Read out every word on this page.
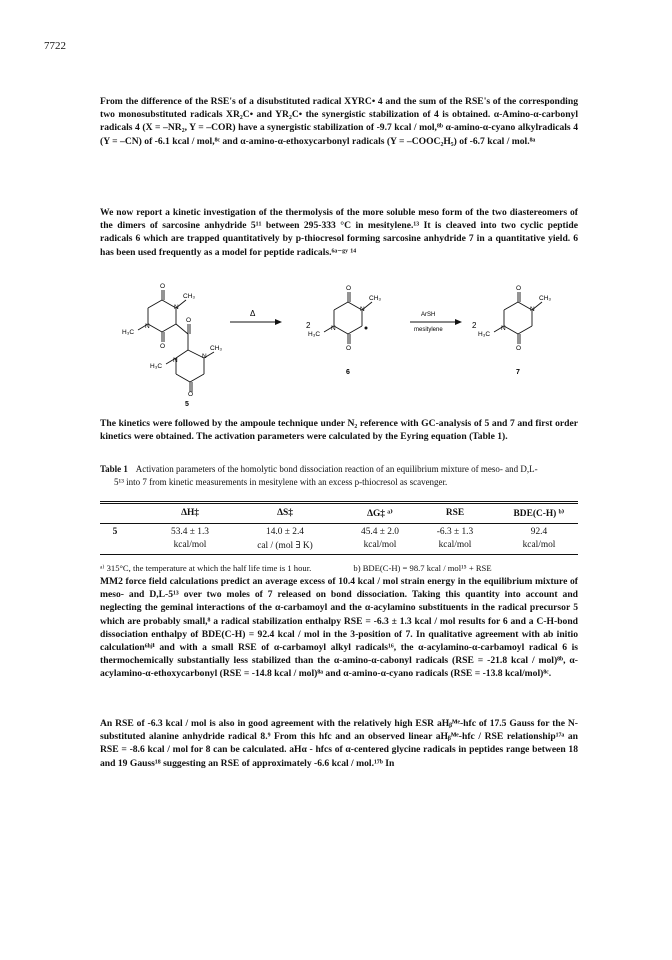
7722
From the difference of the RSE's of a disubstituted radical XYRC• 4 and the sum of the RSE's of the corresponding two monosubstituted radicals XR₂C• and YR₂C• the synergistic stabilization of 4 is obtained. α-Amino-α-carbonyl radicals 4 (X = –NR₂, Y = –COR) have a synergistic stabilization of -9.7 kcal / mol,⁸ᵇ α-amino-α-cyano alkylradicals 4 (Y = –CN) of -6.1 kcal / mol,⁸ᶜ and α-amino-α-ethoxycarbonyl radicals (Y = –COOC₂H₅) of -6.7 kcal / mol.⁸ᵃ
We now report a kinetic investigation of the thermolysis of the more soluble meso form of the two diastereomers of the dimers of sarcosine anhydride 5¹¹ between 295-333 °C in mesitylene.¹³ It is cleaved into two cyclic peptide radicals 6 which are trapped quantitatively by p-thiocresol forming sarcosine anhydride 7 in a quantitative yield. 6 has been used frequently as a model for peptide radicals.⁶ᵃ⁻ᵍʸ ¹⁴
O
N
CH₃
N
H₃C
O
O
N
CH₃
N
H₃C
O
O
N
CH₃
N
H₃C
O
O
N
CH₃
N
H₃C
O
Δ
2
ArSH
mesitylene	2
5
6	7
The kinetics were followed by the ampoule technique under N₂ reference with GC-analysis of 5 and 7 and first order kinetics were obtained. The activation parameters were calculated by the Eyring equation (Table 1).
Table 1 Activation parameters of the homolytic bond dissociation reaction of an equilibrium mixture of meso- and D,L-
5¹³ into 7 from kinetic measurements in mesitylene with an excess p-thiocresol as scavenger.
ΔH‡	ΔS‡	ΔG‡ ᵃ⁾	RSE	BDE(C-H) ᵇ⁾
5	53.4 ± 1.3	14.0 ± 2.4	45.4 ± 2.0	-6.3 ± 1.3	92.4
kcal/mol	cal / (mol ∃ K)	kcal/mol	kcal/mol	kcal/mol
ᵃ⁾ 315°C, the temperature at which the half life time is 1 hour.	b) BDE(C-H) = 98.7 kcal / mol¹⁵ + RSE
MM2 force field calculations predict an average excess of 10.4 kcal / mol strain energy in the equilibrium mixture of meso- and D,L-5¹³ over two moles of 7 released on bond dissociation. Taking this quantity into account and neglecting the geminal interactions of the α-carbamoyl and the α-acylamino substituents in the radical precursor 5 which are probably small,⁸ a radical stabilization enthalpy RSE = -6.3 ± 1.3 kcal / mol results for 6 and a C-H-bond dissociation enthalpy of BDE(C-H) = 92.4 kcal / mol in the 3-position of 7. In qualitative agreement with ab initio calculation⁶ʰʲⁱ and with a small RSE of α-carbamoyl alkyl radicals¹⁶, the α-acylamino-α-carbamoyl radical 6 is thermochemically substantially less stabilized than the α-amino-α-cabonyl radicals (RSE = -21.8 kcal / mol)⁸ᵇ, α-acylamino-α-ethoxycarbonyl (RSE = -14.8 kcal / mol)⁸ᵃ and α-amino-α-cyano radicals (RSE = -13.8 kcal/mol)⁸ᶜ.
An RSE of -6.3 kcal / mol is also in good agreement with the relatively high ESR aHᵦᴹᵉ-hfc of 17.5 Gauss for the N-substituted alanine anhydride radical 8.⁹ From this hfc and an observed linear aHᵦᴹᵉ-hfc / RSE relationship¹⁷ᵃ an RSE = -8.6 kcal / mol for 8 can be calculated. aHα - hfcs of α-centered glycine radicals in peptides range between 18 and 19 Gauss¹⁸ suggesting an RSE of approximately -6.6 kcal / mol.¹⁷ᵇ In
